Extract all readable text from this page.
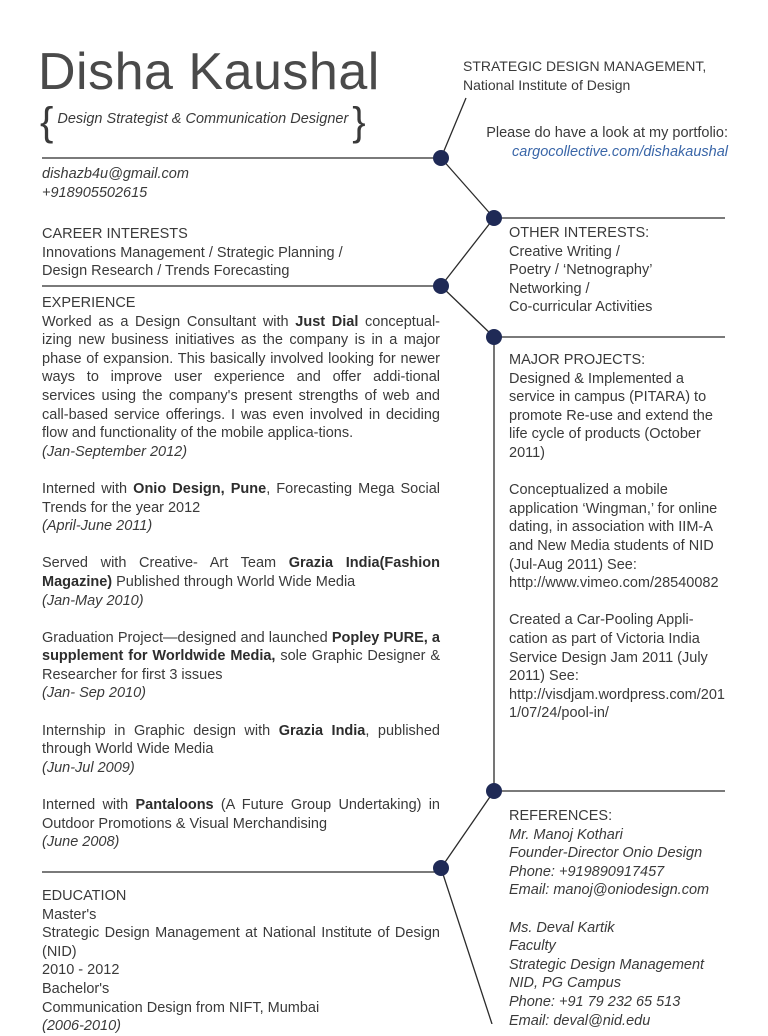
Disha Kaushal
{ Design Strategist & Communication Designer }
STRATEGIC DESIGN MANAGEMENT,
National Institute of Design
Please do have a look at my portfolio:
cargocollective.com/dishakaushal
dishazb4u@gmail.com
+918905502615
CAREER INTERESTS
Innovations Management / Strategic Planning /
Design Research / Trends Forecasting
EXPERIENCE
Worked as a Design Consultant with Just Dial conceptual-izing new business initiatives as the company is in a major phase of expansion. This basically involved looking for newer ways to improve user experience and offer addi-tional services using the company's present strengths of web and call-based service offerings. I was even involved in deciding flow and functionality of the mobile applica-tions.
(Jan-September 2012)
Interned with Onio Design, Pune, Forecasting Mega Social Trends for the year 2012
(April-June 2011)
Served with Creative- Art Team Grazia India(Fashion Magazine) Published through World Wide Media
(Jan-May 2010)
Graduation Project—designed and launched Popley PURE, a supplement for Worldwide Media, sole Graphic Designer & Researcher for first 3 issues
(Jan- Sep 2010)
Internship in Graphic design with Grazia India, published through World Wide Media
(Jun-Jul 2009)
Interned with Pantaloons (A Future Group Undertaking) in Outdoor Promotions & Visual Merchandising
(June 2008)
EDUCATION
Master's
Strategic Design Management at National Institute of Design (NID)
2010 - 2012
Bachelor's
Communication Design from NIFT, Mumbai
(2006-2010)
OTHER INTERESTS:
Creative Writing /
Poetry / ‘Netnography’
Networking /
Co-curricular Activities
MAJOR PROJECTS:
Designed & Implemented a service in campus (PITARA) to promote Re-use and extend the life cycle of products (October 2011)
Conceptualized a mobile application ‘Wingman,’ for online dating, in association with IIM-A and New Media students of NID (Jul-Aug 2011) See: http://www.vimeo.com/28540082
Created a Car-Pooling Appli-cation as part of Victoria India Service Design Jam 2011 (July 2011) See: http://visdjam.wordpress.com/2011/07/24/pool-in/
REFERENCES:
Mr. Manoj Kothari
Founder-Director Onio Design
Phone: +919890917457
Email: manoj@oniodesign.com
Ms. Deval Kartik
Faculty
Strategic Design Management
NID, PG Campus
Phone: +91 79 232 65 513
Email: deval@nid.edu
